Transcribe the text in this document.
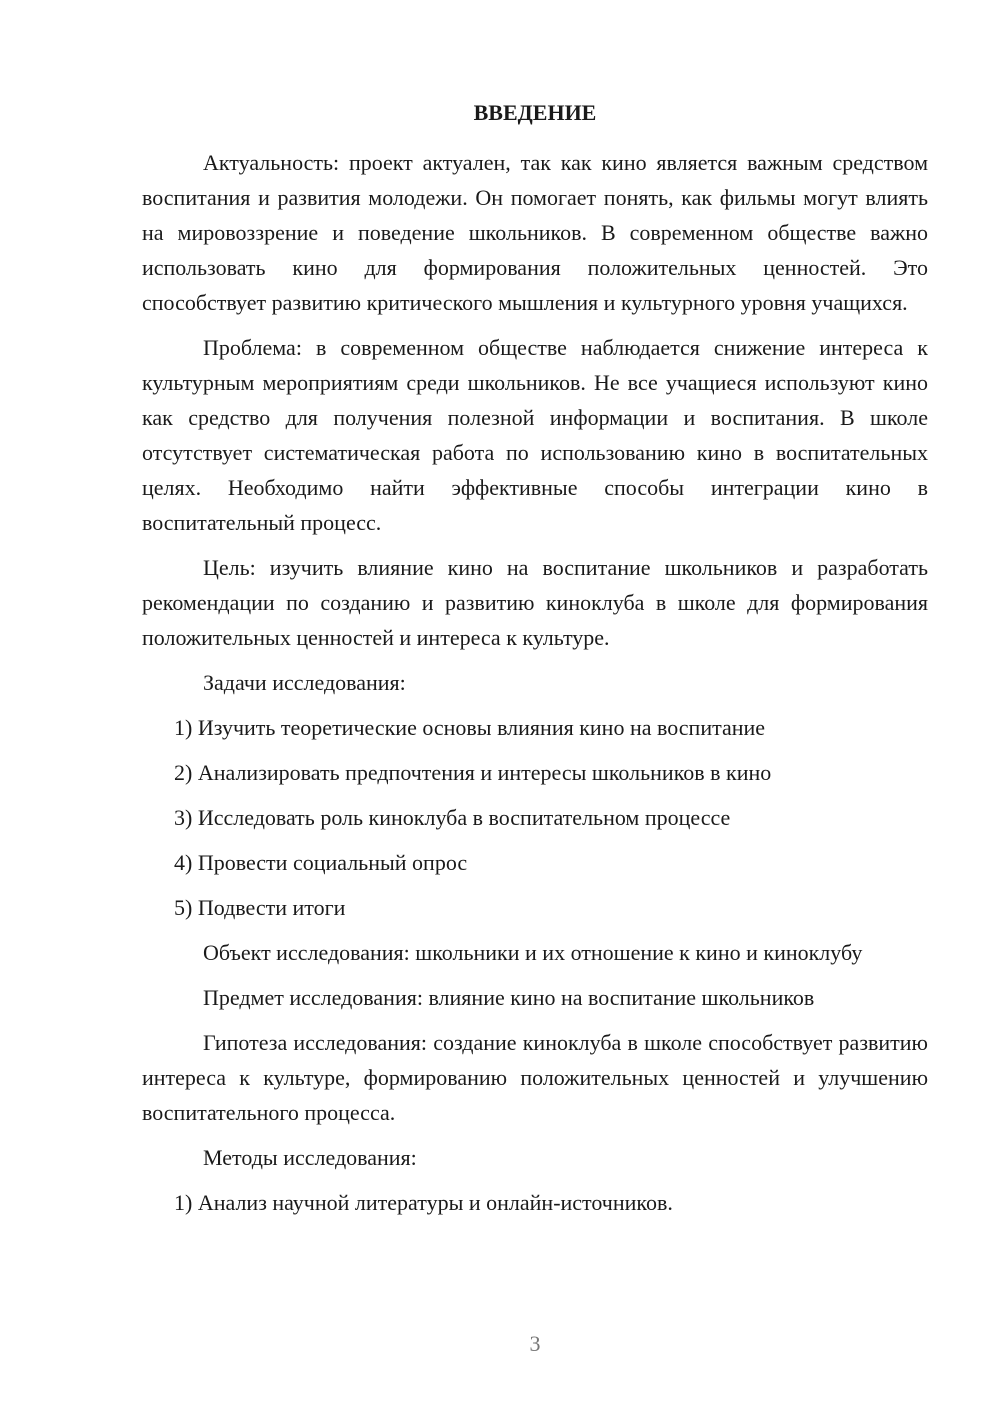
ВВЕДЕНИЕ

Актуальность: проект актуален, так как кино является важным средством воспитания и развития молодежи. Он помогает понять, как фильмы могут влиять на мировоззрение и поведение школьников. В современном обществе важно использовать кино для формирования положительных ценностей. Это способствует развитию критического мышления и культурного уровня учащихся.

Проблема: в современном обществе наблюдается снижение интереса к культурным мероприятиям среди школьников. Не все учащиеся используют кино как средство для получения полезной информации и воспитания. В школе отсутствует систематическая работа по использованию кино в воспитательных целях. Необходимо найти эффективные способы интеграции кино в воспитательный процесс.

Цель: изучить влияние кино на воспитание школьников и разработать рекомендации по созданию и развитию киноклуба в школе для формирования положительных ценностей и интереса к культуре.

Задачи исследования:
1) Изучить теоретические основы влияния кино на воспитание
2) Анализировать предпочтения и интересы школьников в кино
3) Исследовать роль киноклуба в воспитательном процессе
4) Провести социальный опрос
5) Подвести итоги

Объект исследования: школьники и их отношение к кино и киноклубу

Предмет исследования: влияние кино на воспитание школьников

Гипотеза исследования: создание киноклуба в школе способствует развитию интереса к культуре, формированию положительных ценностей и улучшению воспитательного процесса.

Методы исследования:
1) Анализ научной литературы и онлайн-источников.
3
